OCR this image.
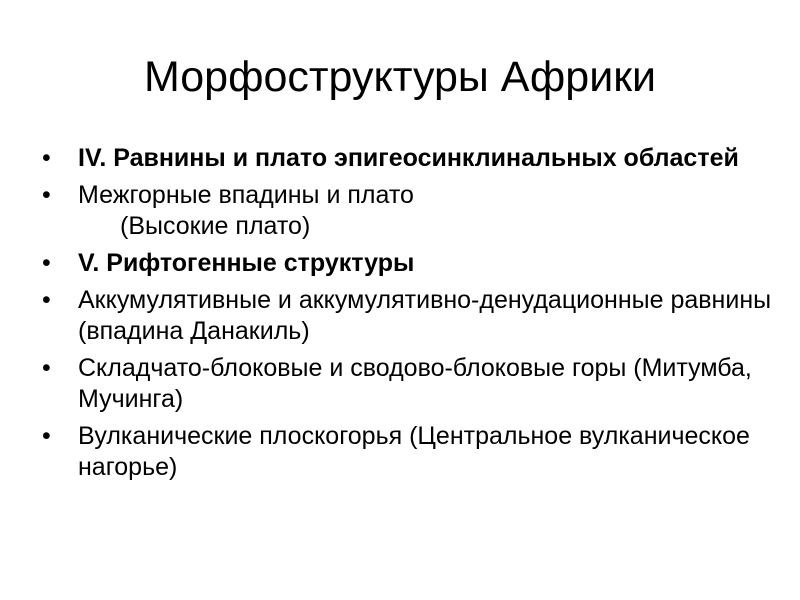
Морфоструктуры Африки
• IV. Равнины и плато эпигеосинклинальных областей
• Межгорные впадины и плато
(Высокие плато)
• V. Рифтогенные структуры
• Аккумулятивные и аккумулятивно-денудационные равнины (впадина Данакиль)
• Складчато-блоковые и сводово-блоковые горы (Митумба, Мучинга)
• Вулканические плоскогорья (Центральное вулканическое нагорье)
